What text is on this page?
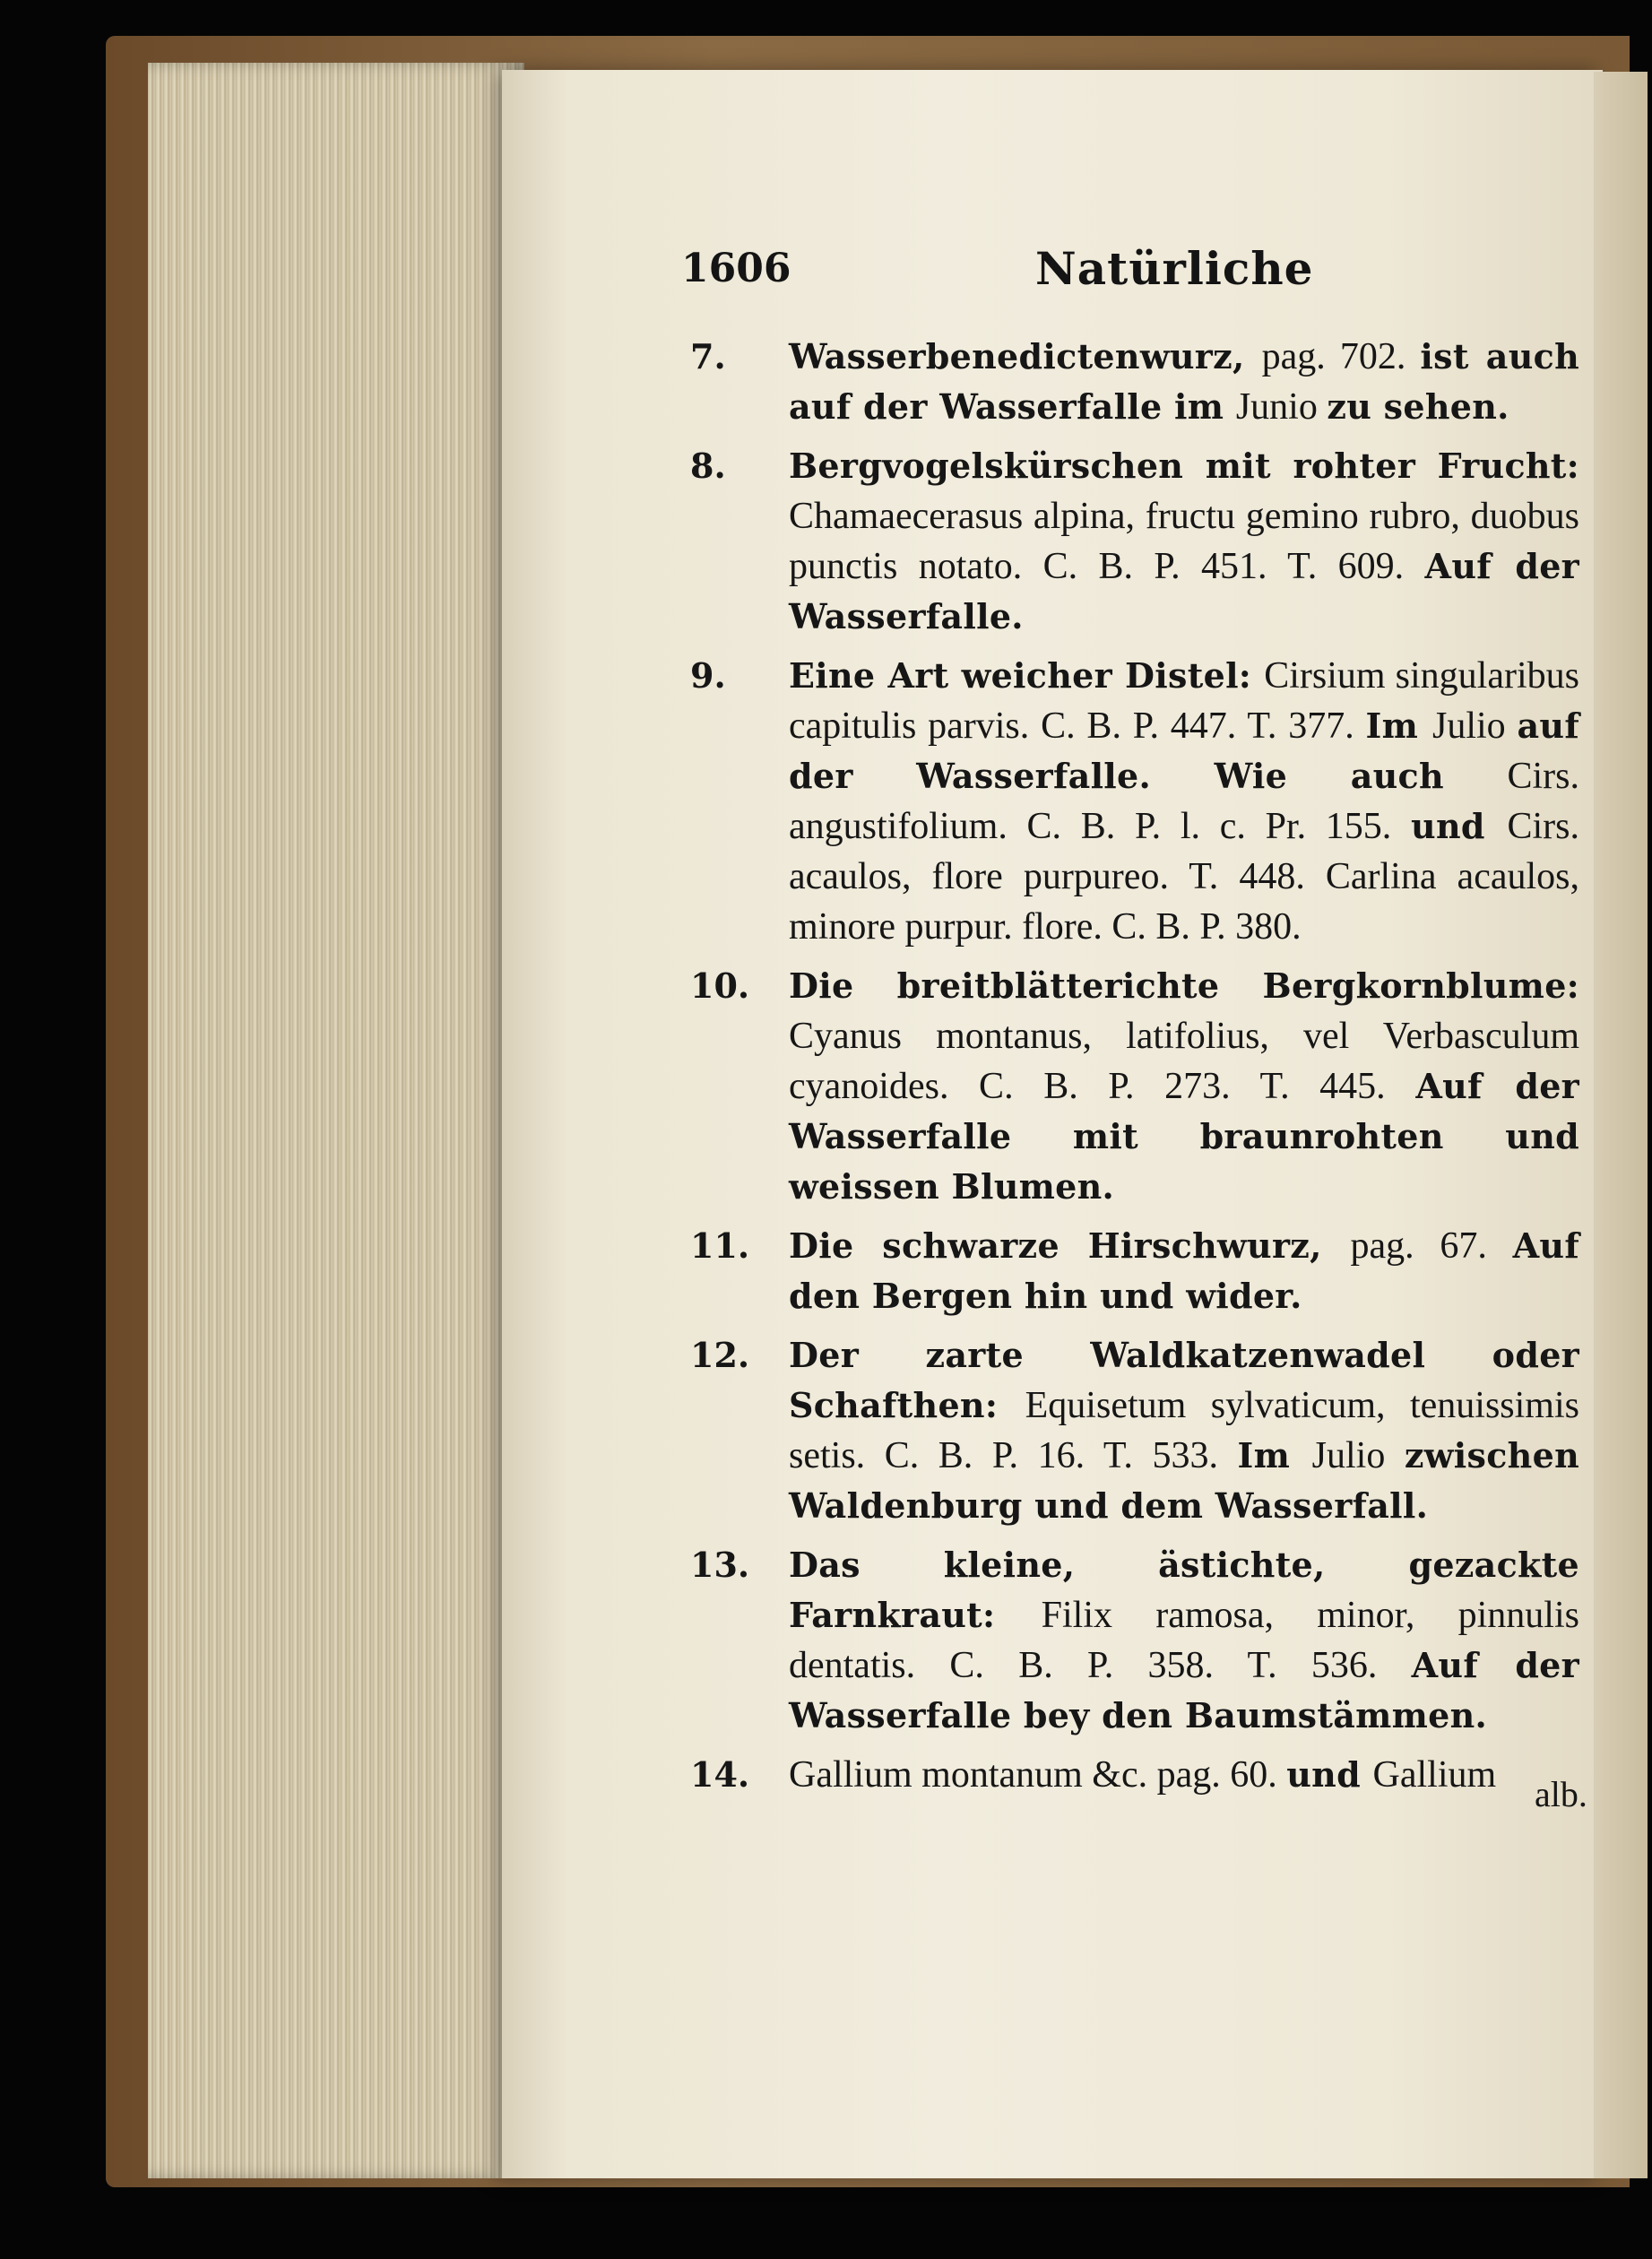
1606	Natürliche
7.	Wasserbenedictenwurz, pag. 702. ist auch auf der Wasserfalle im Junio zu sehen.
8.	Bergvogelskürschen mit rohter Frucht: Chamaecerasus alpina, fructu gemino rubro, duobus punctis notato. C. B. P. 451. T. 609. Auf der Wasserfalle.
9.	Eine Art weicher Distel: Cirsium singularibus capitulis parvis. C. B. P. 447. T. 377. Im Julio auf der Wasserfalle. Wie auch Cirs. angustifolium. C. B. P. l. c. Pr. 155. und Cirs. acaulos, flore purpureo. T. 448. Carlina acaulos, minore purpur. flore. C. B. P. 380.
10.	Die breitblätterichte Bergkornblume: Cyanus montanus, latifolius, vel Verbasculum cyanoides. C. B. P. 273. T. 445. Auf der Wasserfalle mit braunrohten und weissen Blumen.
11.	Die schwarze Hirschwurz, pag. 67. Auf den Bergen hin und wider.
12.	Der zarte Waldkatzenwadel oder Schafthen: Equisetum sylvaticum, tenuissimis setis. C. B. P. 16. T. 533. Im Julio zwischen Waldenburg und dem Wasserfall.
13.	Das kleine, ästichte, gezackte Farnkraut: Filix ramosa, minor, pinnulis dentatis. C. B. P. 358. T. 536. Auf der Wasserfalle bey den Baumstämmen.
14.	Gallium montanum &c. pag. 60. und Gallium	alb.
